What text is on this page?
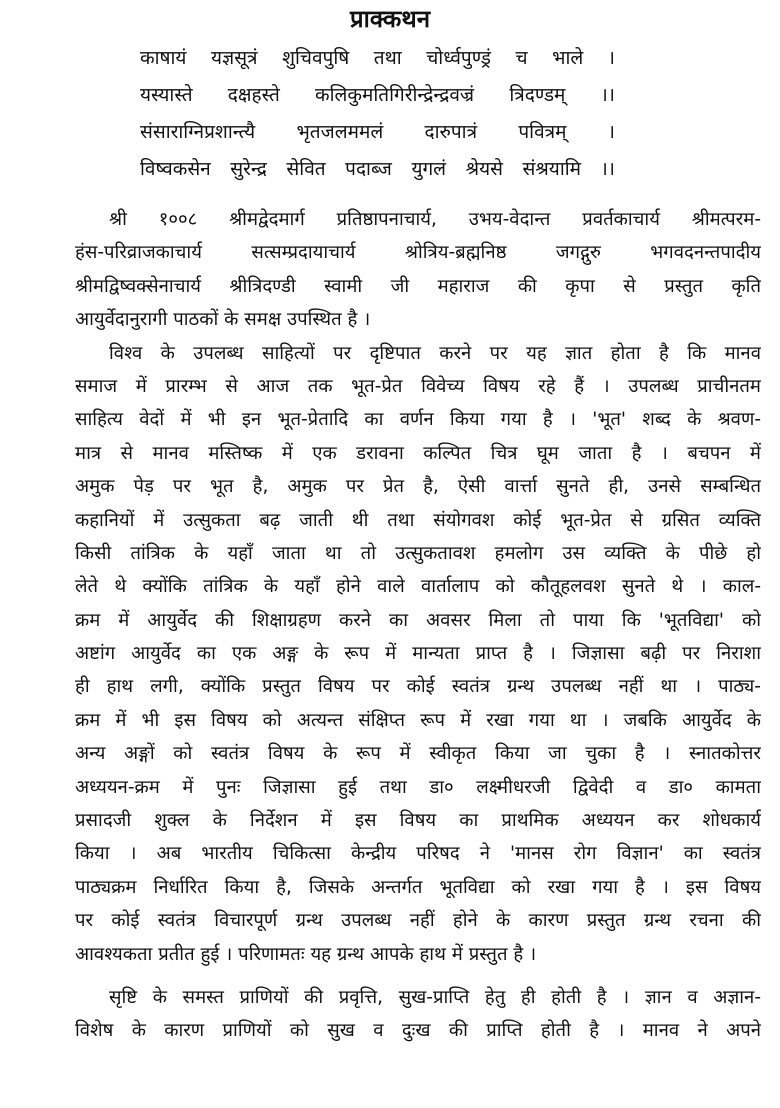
प्राक्कथन
काषायं यज्ञसूत्रं शुचिवपुषि तथा चोर्ध्वपुण्ड्रं च भाले ।
यस्यास्ते दक्षहस्ते कलिकुमतिगिरीन्द्रेन्द्रवज्रं त्रिदण्डम् ।।
संसाराग्निप्रशान्त्यै भृतजलममलं दारुपात्रं पवित्रम् ।
विष्वकसेन सुरेन्द्र सेवित पदाब्ज युगलं श्रेयसे संश्रयामि ।।
श्री १००८ श्रीमद्वेदमार्ग प्रतिष्ठापनाचार्य, उभय-वेदान्त प्रवर्तकाचार्य श्रीमत्परम-
हंस-परिव्राजकाचार्य सत्सम्प्रदायाचार्य श्रोत्रिय-ब्रह्मनिष्ठ जगद्गुरु भगवदनन्तपादीय
श्रीमद्विष्वक्सेनाचार्य श्रीत्रिदण्डी स्वामी जी महाराज की कृपा से प्रस्तुत कृति
आयुर्वेदानुरागी पाठकों के समक्ष उपस्थित है ।
विश्व के उपलब्ध साहित्यों पर दृष्टिपात करने पर यह ज्ञात होता है कि मानव
समाज में प्रारम्भ से आज तक भूत-प्रेत विवेच्य विषय रहे हैं । उपलब्ध प्राचीनतम
साहित्य वेदों में भी इन भूत-प्रेतादि का वर्णन किया गया है । 'भूत' शब्द के श्रवण-
मात्र से मानव मस्तिष्क में एक डरावना कल्पित चित्र घूम जाता है । बचपन में
अमुक पेड़ पर भूत है, अमुक पर प्रेत है, ऐसी वार्त्ता सुनते ही, उनसे सम्बन्धित
कहानियों में उत्सुकता बढ़ जाती थी तथा संयोगवश कोई भूत-प्रेत से ग्रसित व्यक्ति
किसी तांत्रिक के यहाँ जाता था तो उत्सुकतावश हमलोग उस व्यक्ति के पीछे हो
लेते थे क्योंकि तांत्रिक के यहाँ होने वाले वार्तालाप को कौतूहलवश सुनते थे । काल-
क्रम में आयुर्वेद की शिक्षाग्रहण करने का अवसर मिला तो पाया कि 'भूतविद्या' को
अष्टांग आयुर्वेद का एक अङ्ग के रूप में मान्यता प्राप्त है । जिज्ञासा बढ़ी पर निराशा
ही हाथ लगी, क्योंकि प्रस्तुत विषय पर कोई स्वतंत्र ग्रन्थ उपलब्ध नहीं था । पाठ्य-
क्रम में भी इस विषय को अत्यन्त संक्षिप्त रूप में रखा गया था । जबकि आयुर्वेद के
अन्य अङ्गों को स्वतंत्र विषय के रूप में स्वीकृत किया जा चुका है । स्नातकोत्तर
अध्ययन-क्रम में पुनः जिज्ञासा हुई तथा डा० लक्ष्मीधरजी द्विवेदी व डा० कामता
प्रसादजी शुक्ल के निर्देशन में इस विषय का प्राथमिक अध्ययन कर शोधकार्य
किया । अब भारतीय चिकित्सा केन्द्रीय परिषद ने 'मानस रोग विज्ञान' का स्वतंत्र
पाठ्यक्रम निर्धारित किया है, जिसके अन्तर्गत भूतविद्या को रखा गया है । इस विषय
पर कोई स्वतंत्र विचारपूर्ण ग्रन्थ उपलब्ध नहीं होने के कारण प्रस्तुत ग्रन्थ रचना की
आवश्यकता प्रतीत हुई । परिणामतः यह ग्रन्थ आपके हाथ में प्रस्तुत है ।
सृष्टि के समस्त प्राणियों की प्रवृत्ति, सुख-प्राप्ति हेतु ही होती है । ज्ञान व अज्ञान-
विशेष के कारण प्राणियों को सुख व दुःख की प्राप्ति होती है । मानव ने अपने
